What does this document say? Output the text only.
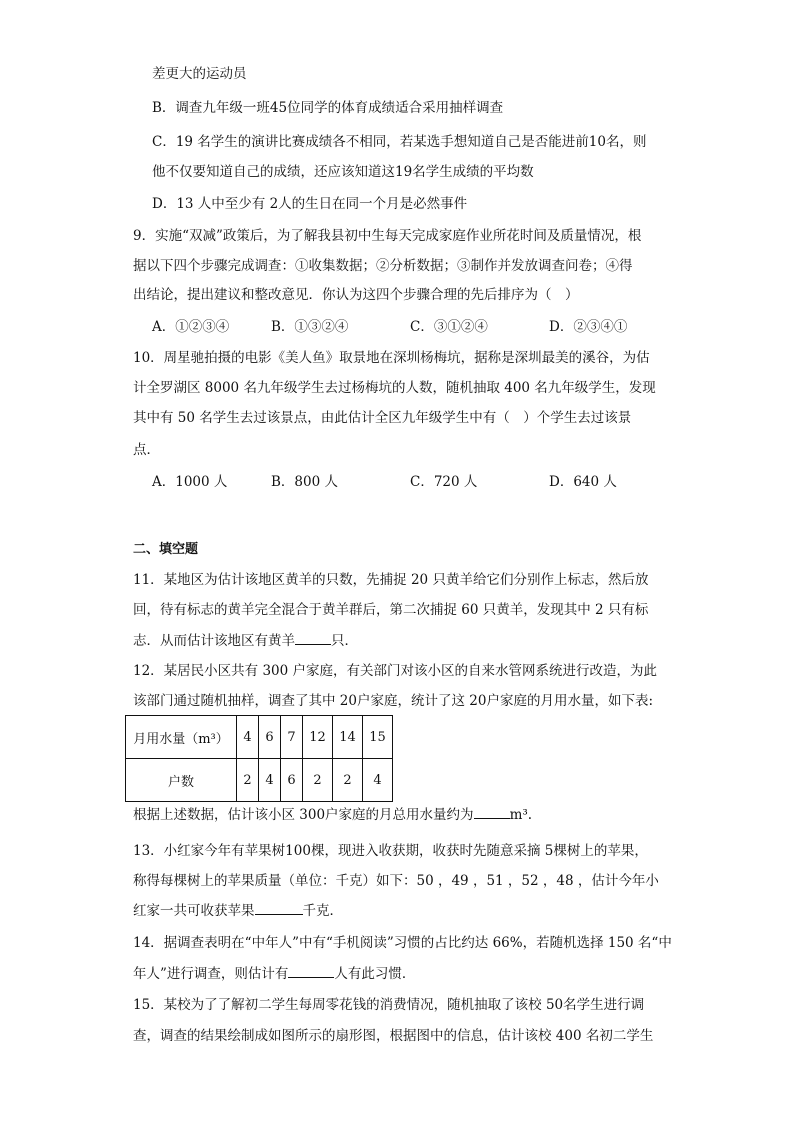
差更大的运动员
B．调查九年级一班45位同学的体育成绩适合采用抽样调查
C．19 名学生的演讲比赛成绩各不相同，若某选手想知道自己是否能进前10名，则
他不仅要知道自己的成绩，还应该知道这19名学生成绩的平均数
D．13 人中至少有 2人的生日在同一个月是必然事件
9．实施“双减”政策后，为了解我县初中生每天完成家庭作业所花时间及质量情况，根
据以下四个步骤完成调查：①收集数据；②分析数据；③制作并发放调查问卷；④得
出结论，提出建议和整改意见．你认为这四个步骤合理的先后排序为（　）
A．①②③④	B．①③②④	C．③①②④	D．②③④①
10．周星驰拍摄的电影《美人鱼》取景地在深圳杨梅坑，据称是深圳最美的溪谷，为估
计全罗湖区 8000 名九年级学生去过杨梅坑的人数，随机抽取 400 名九年级学生，发现
其中有 50 名学生去过该景点，由此估计全区九年级学生中有（　）个学生去过该景
点．
A．1000 人	B．800 人	C．720 人	D．640 人
二、填空题
11．某地区为估计该地区黄羊的只数，先捕捉 20 只黄羊给它们分别作上标志，然后放
回，待有标志的黄羊完全混合于黄羊群后，第二次捕捉 60 只黄羊，发现其中 2 只有标
志．从而估计该地区有黄羊	只．
12．某居民小区共有 300 户家庭，有关部门对该小区的自来水管网系统进行改造，为此
该部门通过随机抽样，调查了其中 20户家庭，统计了这 20户家庭的月用水量，如下表:
月用水量（m³）	4	6	7	12	14	15
户数	2	4	6	2	2	4
根据上述数据，估计该小区 300户家庭的月总用水量约为	m³.
13．小红家今年有苹果树100棵，现进入收获期，收获时先随意采摘 5棵树上的苹果，
称得每棵树上的苹果质量（单位：千克）如下：50 ，49 ，51 ，52 ，48 ，估计今年小
红家一共可收获苹果	千克．
14．据调查表明在“中年人”中有“手机阅读”习惯的占比约达 66%，若随机选择 150 名“中
年人”进行调查，则估计有	人有此习惯．
15．某校为了了解初二学生每周零花钱的消费情况，随机抽取了该校 50名学生进行调
查，调查的结果绘制成如图所示的扇形图，根据图中的信息，估计该校 400 名初二学生
